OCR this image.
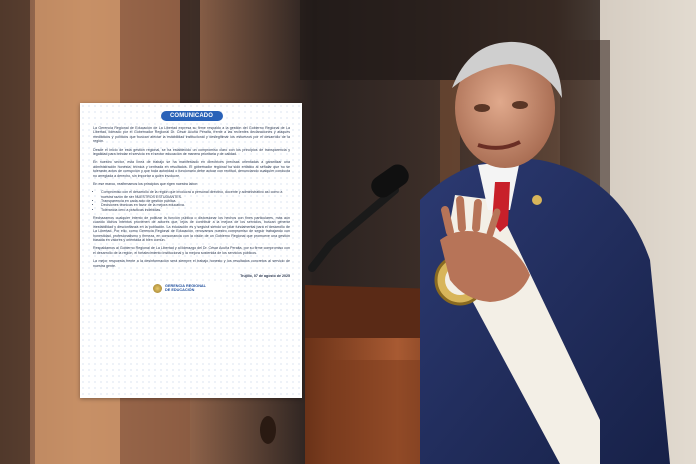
COMUNICADO

La Gerencia Regional de Educación de La Libertad expresa su firme respaldo a la gestión del Gobierno Regional de La Libertad, liderado por el Gobernador Regional Dr. César Acuña Peralta, frente a las recientes declaraciones y ataques mediáticos y políticos que buscan afectar la estabilidad institucional y deslegitimar los esfuerzos por el desarrollo de la región.

Desde el inicio de esta gestión regional, se ha establecido un compromiso claro con los principios de transparencia y legalidad para brindar el servicio en el sector educación de manera prioritaria y de calidad.

En nuestro sector, esta línea de trabajo se ha manifestado en directrices precisas orientadas a garantizar una administración honesta, técnica y centrada en resultados. El gobernador regional ha sido enfático al señalar que no se tolerarán actos de corrupción y que toda autoridad o funcionario debe actuar con rectitud, denunciando cualquier conducta no arreglada a derecho, sin importar a quién involucre.

En ese marco, reafirmamos los principios que rigen nuestra labor:

• Compromiso con el desarrollo de la región que involucra a personal directivo, docente y administrativo así como a nuestra razón de ser NUESTROS ESTUDIANTES.
• Transparencia en cada acto de gestión pública.
• Decisiones técnicas en favor de la mejora educativa.
• Tolerancia cero a prácticas indebidas.

Rechazamos cualquier intento de politizar la función pública o distorsionar los hechos con fines particulares, más aún cuando dichos intentos provienen de actores que, lejos de contribuir a la mejora de los servicios, buscan generar inestabilidad y desconfianza en la población. La educación es y seguirá siendo un pilar fundamental para el desarrollo de La Libertad. Por ello, como Gerencia Regional de Educación, renovamos nuestro compromiso de seguir trabajando con honestidad, profesionalismo y firmeza, en consonancia con la visión de un Gobierno Regional que promueve una gestión basada en valores y orientada al bien común.

Respaldamos al Gobierno Regional de La Libertad y al liderazgo del Dr. César Acuña Peralta, por su firme compromiso con el desarrollo de la región, el fortalecimiento institucional y la mejora sostenida de los servicios públicos.

La mejor respuesta frente a la desinformación será siempre el trabajo honesto y los resultados concretos al servicio de nuestra gente.

Trujillo, 07 de agosto de 2025
GERENCIA REGIONAL
DE EDUCACIÓN
